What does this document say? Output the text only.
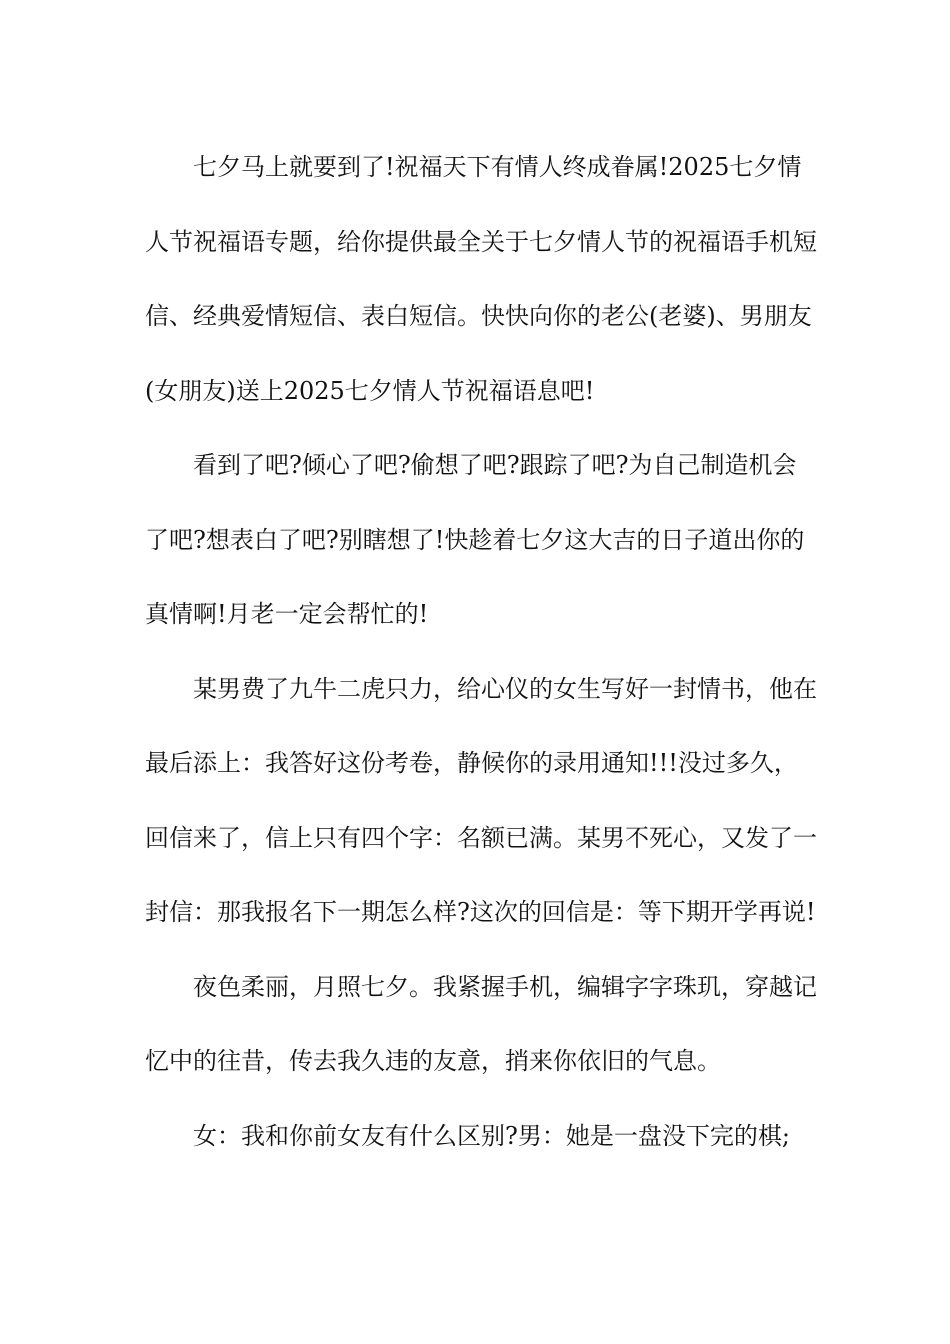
七夕马上就要到了!祝福天下有情人终成眷属!2025七夕情人节祝福语专题，给你提供最全关于七夕情人节的祝福语手机短信、经典爱情短信、表白短信。快快向你的老公(老婆)、男朋友(女朋友)送上2025七夕情人节祝福语息吧!

看到了吧?倾心了吧?偷想了吧?跟踪了吧?为自己制造机会了吧?想表白了吧?别瞎想了!快趁着七夕这大吉的日子道出你的真情啊!月老一定会帮忙的!

某男费了九牛二虎只力，给心仪的女生写好一封情书，他在最后添上：我答好这份考卷，静候你的录用通知!!!没过多久，回信来了，信上只有四个字：名额已满。某男不死心，又发了一封信：那我报名下一期怎么样?这次的回信是：等下期开学再说!

夜色柔丽，月照七夕。我紧握手机，编辑字字珠玑，穿越记忆中的往昔，传去我久违的友意，捎来你依旧的气息。

女：我和你前女友有什么区别?男：她是一盘没下完的棋;
